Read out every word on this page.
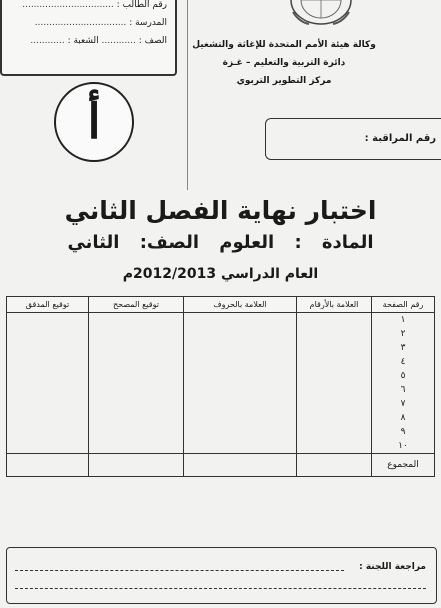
رقم الطالب : ................................
المدرسة : ................................
الصف : ............ الشعبة : ............
أ
وكالة هيئة الأمم المتحدة للإغاثة والتشغيل
دائرة التربية والتعليم – غـزة
مركز التطوير التربوي
رقم المراقبة :
اختبار نهاية الفصل الثاني
المادة : العلوم الصف: الثاني
العام الدراسي 2012/2013م
رقم الصفحة	العلامة بالأرقام	العلامة بالحروف	توقيع المصحح	توقيع المدقق
١				
٢				
٣				
٤				
٥				
٦				
٧				
٨				
٩				
١٠				
المجموع				
مراجعة اللجنة :
